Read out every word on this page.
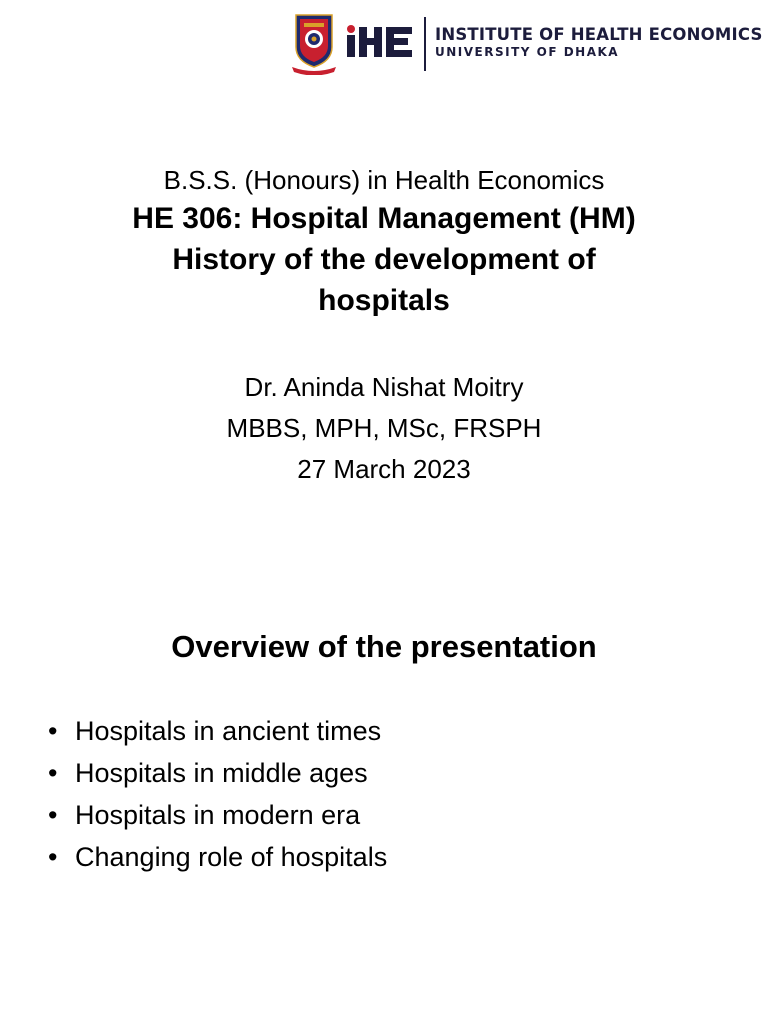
INSTITUTE OF HEALTH ECONOMICS
UNIVERSITY OF DHAKA
B.S.S. (Honours) in Health Economics
HE 306: Hospital Management (HM)
History of the development of
hospitals
Dr. Aninda Nishat Moitry
MBBS, MPH, MSc, FRSPH
27 March 2023
Overview of the presentation
• Hospitals in ancient times
• Hospitals in middle ages
• Hospitals in modern era
• Changing role of hospitals
